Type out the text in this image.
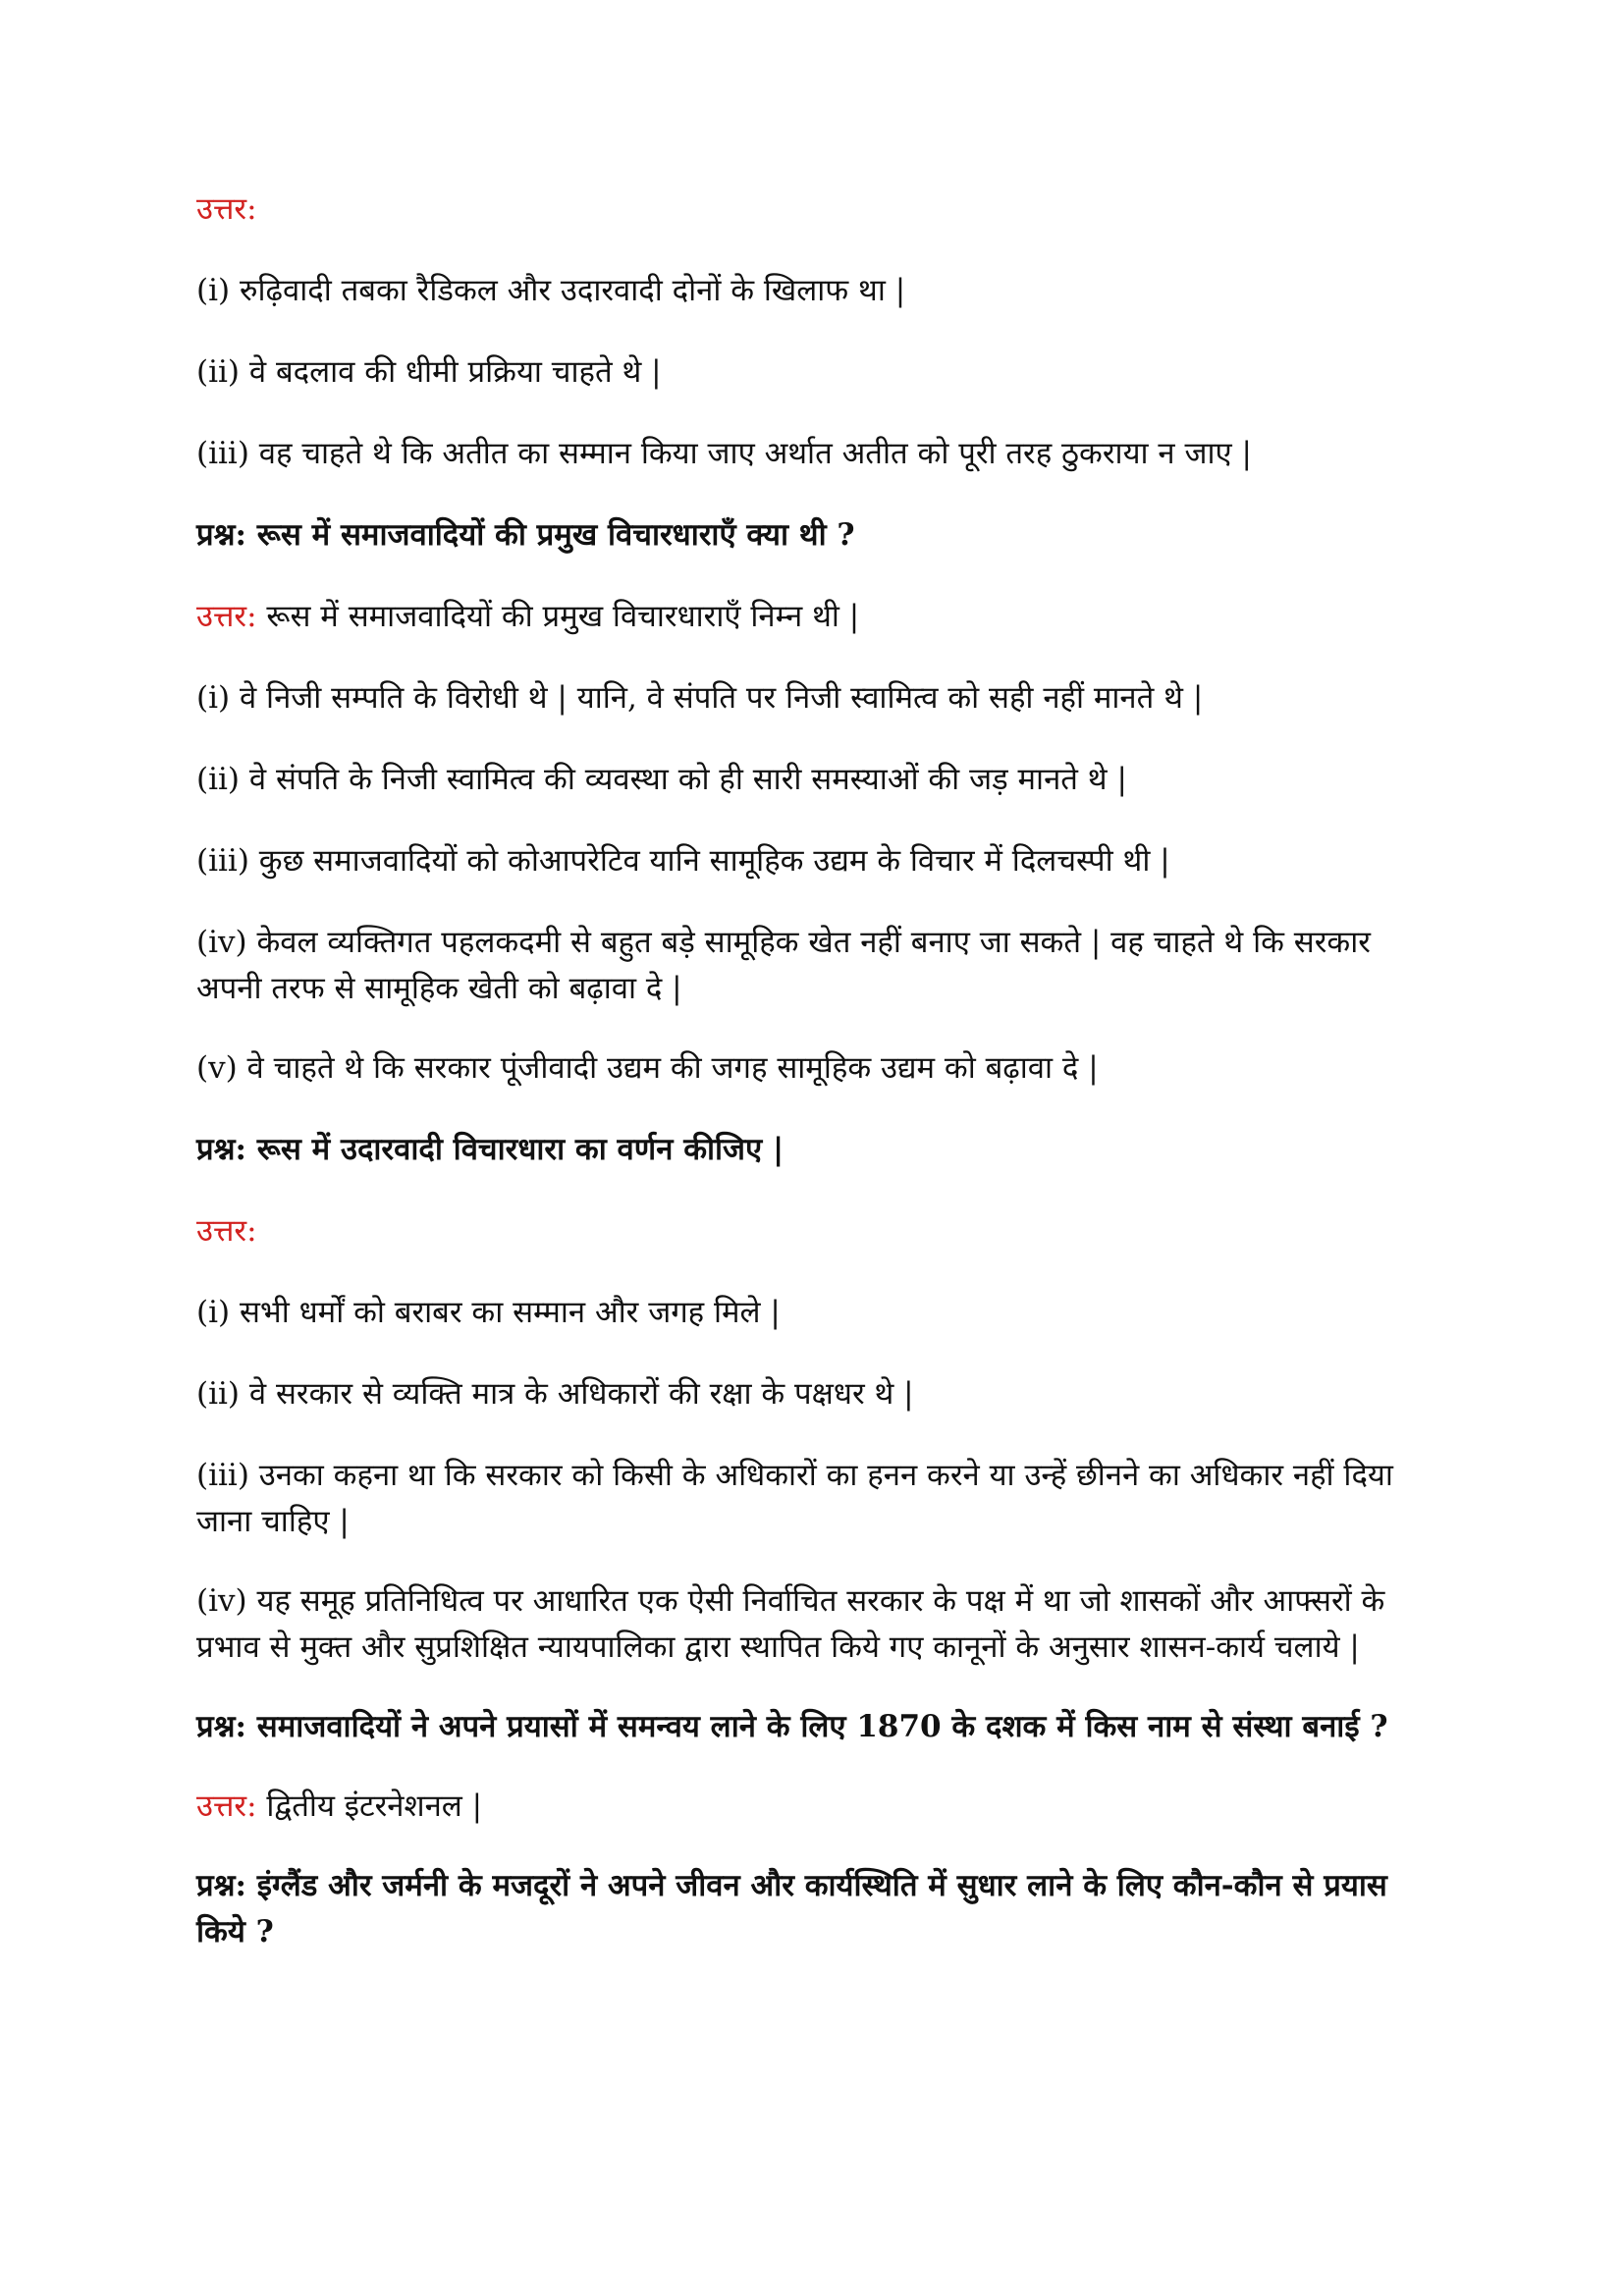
उत्तर:

(i) रुढ़िवादी तबका रैडिकल और उदारवादी दोनों के खिलाफ था |

(ii) वे बदलाव की धीमी प्रक्रिया चाहते थे |

(iii) वह चाहते थे कि अतीत का सम्मान किया जाए अर्थात अतीत को पूरी तरह ठुकराया न जाए |

प्रश्न: रूस में समाजवादियों की प्रमुख विचारधाराएँ क्या थी ?

उत्तर: रूस में समाजवादियों की प्रमुख विचारधाराएँ निम्न थी |

(i) वे निजी सम्पति के विरोधी थे | यानि, वे संपति पर निजी स्वामित्व को सही नहीं मानते थे |

(ii) वे संपति के निजी स्वामित्व की व्यवस्था को ही सारी समस्याओं की जड़ मानते थे |

(iii) कुछ समाजवादियों को कोआपरेटिव यानि सामूहिक उद्यम के विचार में दिलचस्पी थी |

(iv) केवल व्यक्तिगत पहलकदमी से बहुत बड़े सामूहिक खेत नहीं बनाए जा सकते | वह चाहते थे कि सरकार अपनी तरफ से सामूहिक खेती को बढ़ावा दे |

(v) वे चाहते थे कि सरकार पूंजीवादी उद्यम की जगह सामूहिक उद्यम को बढ़ावा दे |

प्रश्न: रूस में उदारवादी विचारधारा का वर्णन कीजिए |

उत्तर:

(i) सभी धर्मों को बराबर का सम्मान और जगह मिले |

(ii) वे सरकार से व्यक्ति मात्र के अधिकारों की रक्षा के पक्षधर थे |

(iii) उनका कहना था कि सरकार को किसी के अधिकारों का हनन करने या उन्हें छीनने का अधिकार नहीं दिया जाना चाहिए |

(iv) यह समूह प्रतिनिधित्व पर आधारित एक ऐसी निर्वाचित सरकार के पक्ष में था जो शासकों और आफ्सरों के प्रभाव से मुक्त और सुप्रशिक्षित न्यायपालिका द्वारा स्थापित किये गए कानूनों के अनुसार शासन-कार्य चलाये |

प्रश्न: समाजवादियों ने अपने प्रयासों में समन्वय लाने के लिए 1870 के दशक में किस नाम से संस्था बनाई ?

उत्तर: द्वितीय इंटरनेशनल |

प्रश्न: इंग्लैंड और जर्मनी के मजदूरों ने अपने जीवन और कार्यस्थिति में सुधार लाने के लिए कौन-कौन से प्रयास किये ?
